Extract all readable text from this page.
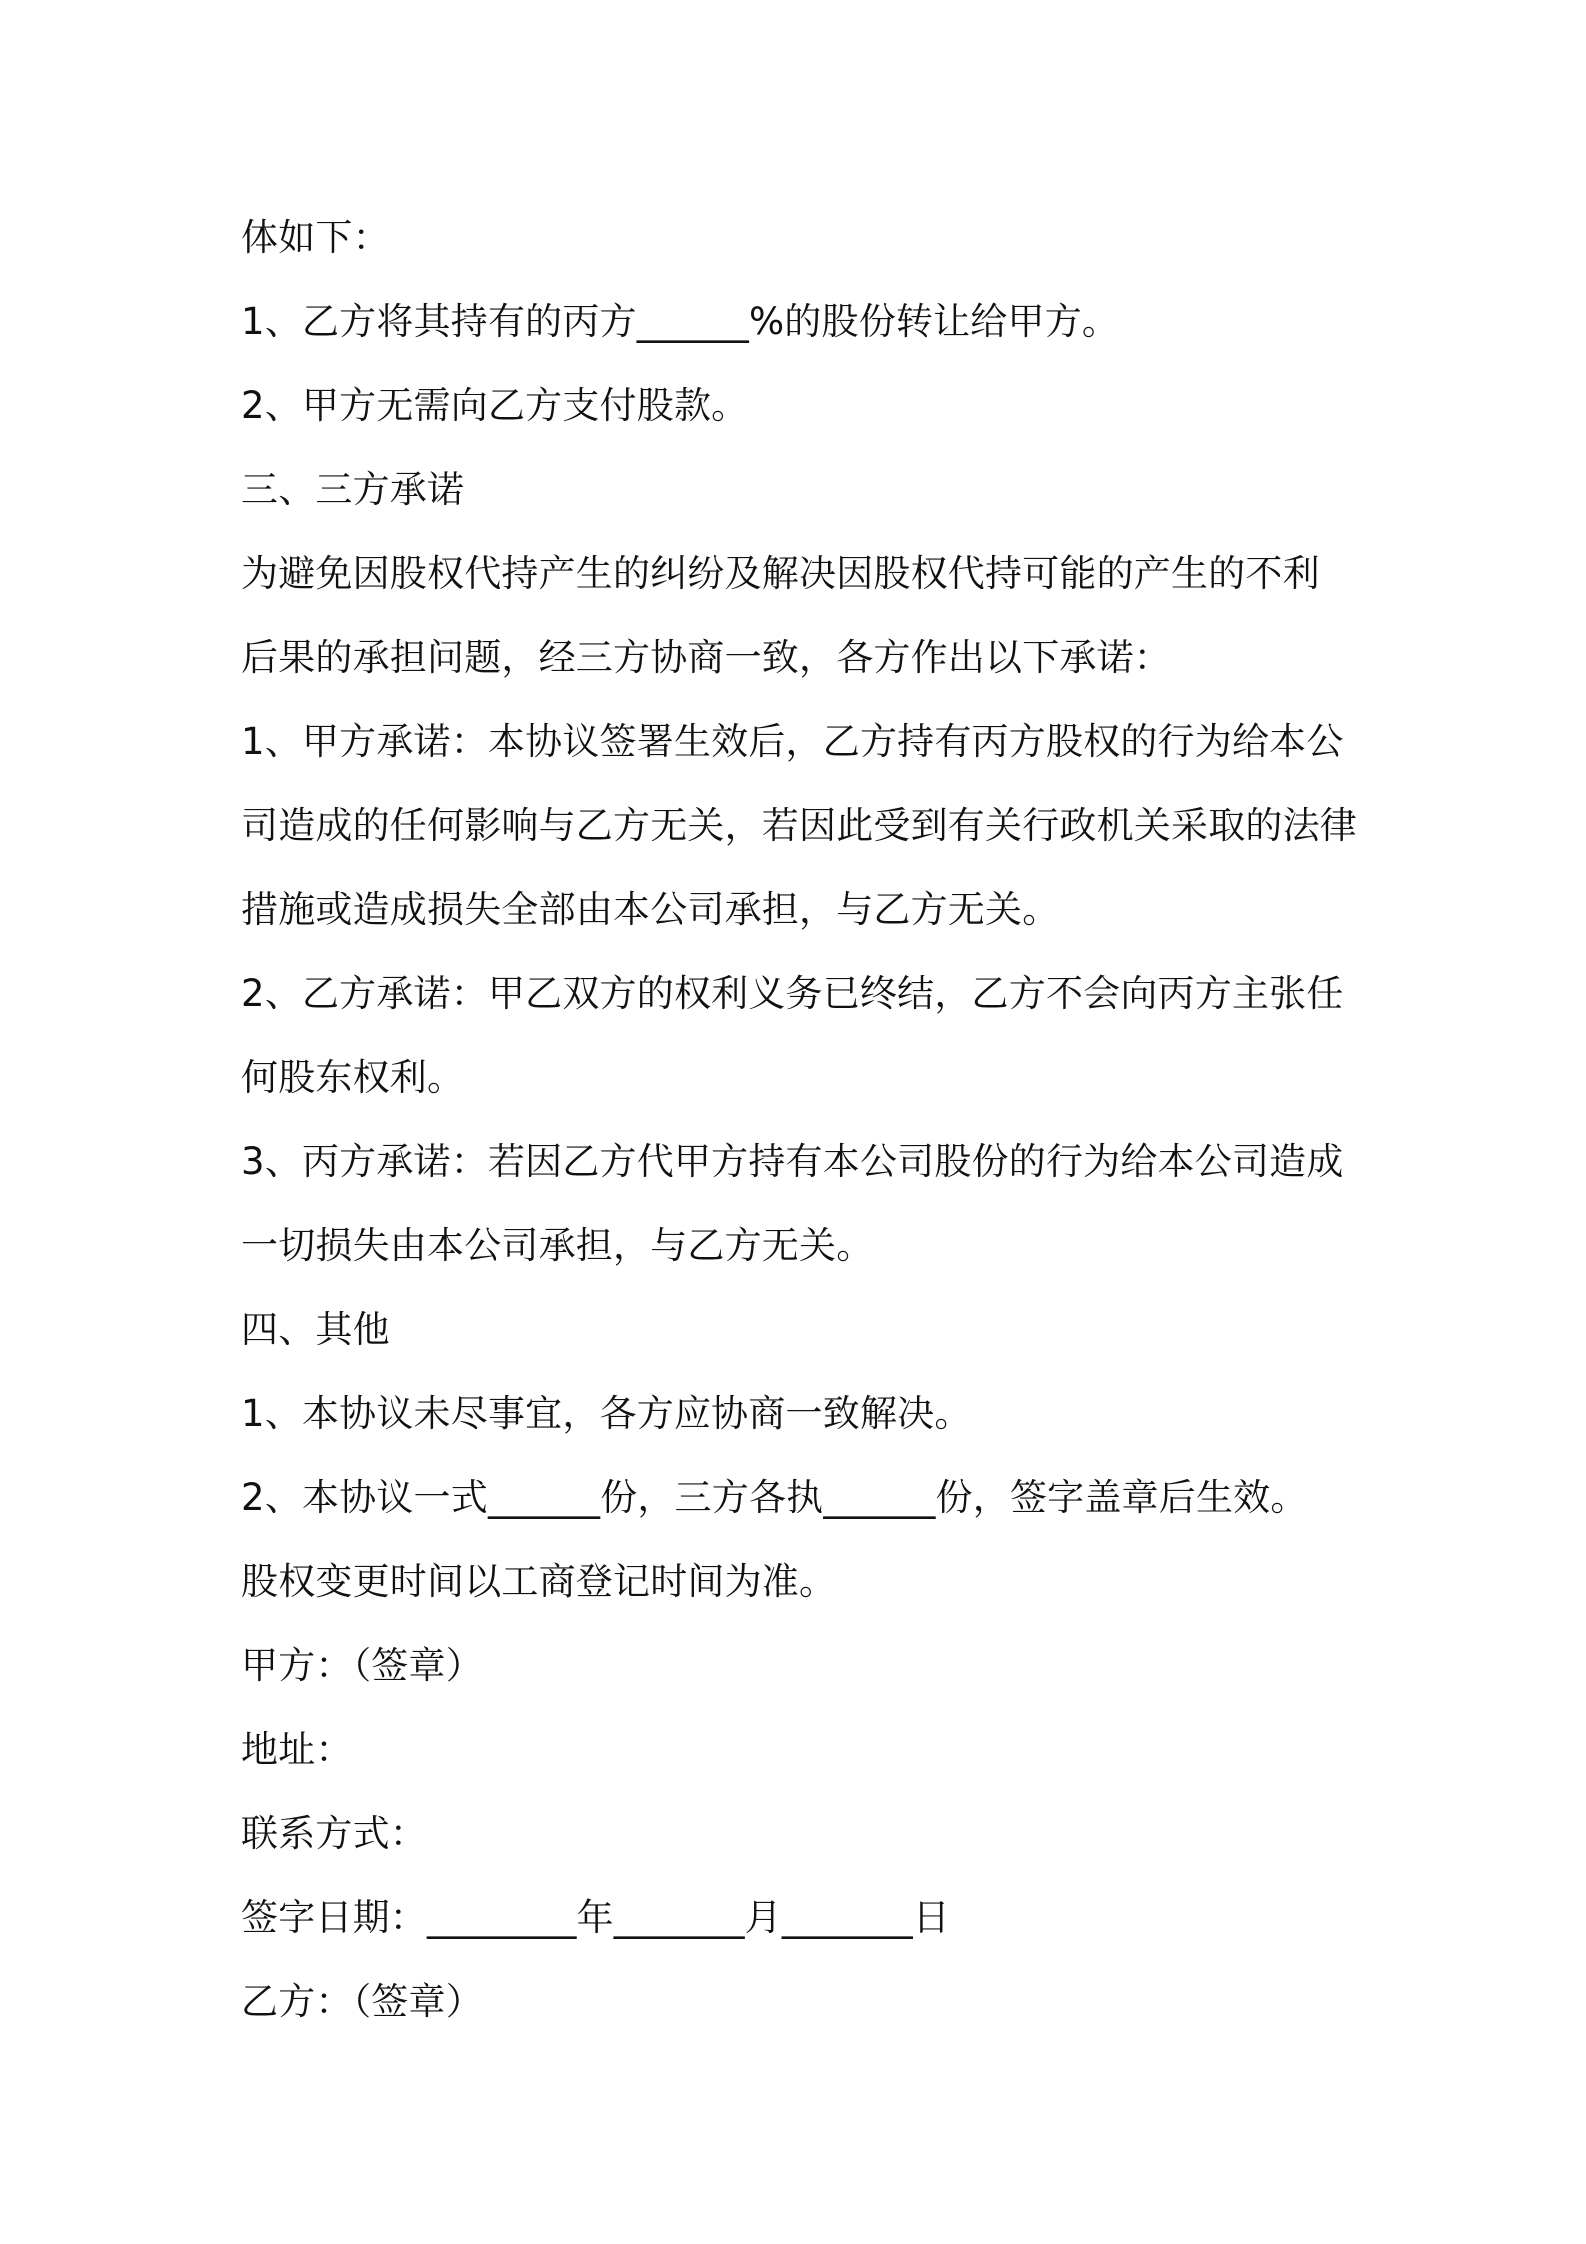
体如下：
1、乙方将其持有的丙方______%的股份转让给甲方。
2、甲方无需向乙方支付股款。
三、三方承诺
为避免因股权代持产生的纠纷及解决因股权代持可能的产生的不利
后果的承担问题，经三方协商一致，各方作出以下承诺：
1、甲方承诺：本协议签署生效后，乙方持有丙方股权的行为给本公
司造成的任何影响与乙方无关，若因此受到有关行政机关采取的法律
措施或造成损失全部由本公司承担，与乙方无关。
2、乙方承诺：甲乙双方的权利义务已终结，乙方不会向丙方主张任
何股东权利。
3、丙方承诺：若因乙方代甲方持有本公司股份的行为给本公司造成
一切损失由本公司承担，与乙方无关。
四、其他
1、本协议未尽事宜，各方应协商一致解决。
2、本协议一式______份，三方各执______份，签字盖章后生效。
股权变更时间以工商登记时间为准。
甲方：（签章）
地址：
联系方式：
签字日期：________年_______月_______日
乙方：（签章）
